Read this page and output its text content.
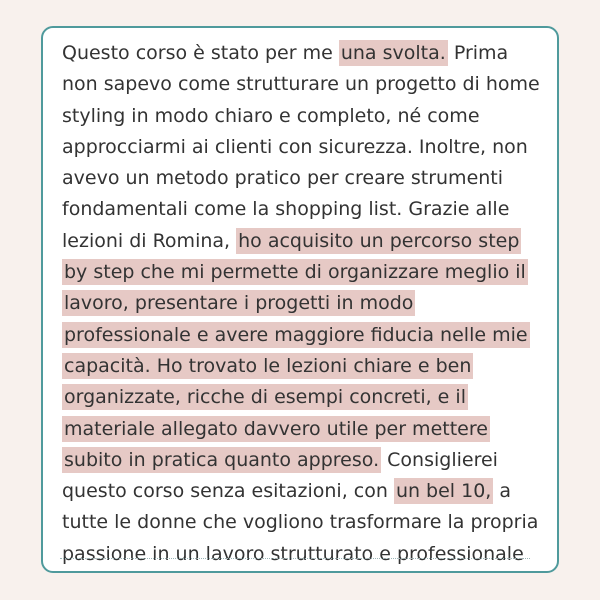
Questo corso è stato per me una svolta. Prima
non sapevo come strutturare un progetto di home
styling in modo chiaro e completo, né come
approcciarmi ai clienti con sicurezza. Inoltre, non
avevo un metodo pratico per creare strumenti
fondamentali come la shopping list. Grazie alle
lezioni di Romina, ho acquisito un percorso step
by step che mi permette di organizzare meglio il
lavoro, presentare i progetti in modo
professionale e avere maggiore fiducia nelle mie
capacità. Ho trovato le lezioni chiare e ben
organizzate, ricche di esempi concreti, e il
materiale allegato davvero utile per mettere
subito in pratica quanto appreso. Consiglierei
questo corso senza esitazioni, con un bel 10, a
tutte le donne che vogliono trasformare la propria
passione in un lavoro strutturato e professionale
